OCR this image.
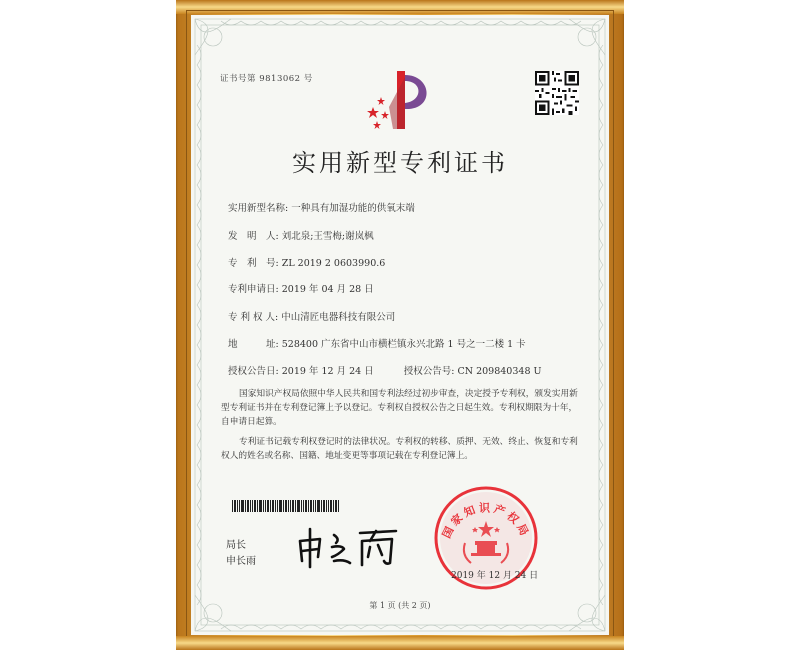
证书号第 9813062 号
实用新型专利证书
实用新型名称: 一种具有加湿功能的供氧末端
发　明　人: 刘北泉;王雪梅;谢岚枫
专　利　号: ZL 2019 2 0603990.6
专利申请日: 2019 年 04 月 28 日
专 利 权 人: 中山清匠电器科技有限公司
地　　　址: 528400 广东省中山市横栏镇永兴北路 1 号之一二楼 1 卡
授权公告日: 2019 年 12 月 24 日	授权公告号: CN 209840348 U
国家知识产权局依照中华人民共和国专利法经过初步审查，决定授予专利权，颁发实用新型专利证书并在专利登记簿上予以登记。专利权自授权公告之日起生效。专利权期限为十年，自申请日起算。
专利证书记载专利权登记时的法律状况。专利权的转移、质押、无效、终止、恢复和专利权人的姓名或名称、国籍、地址变更等事项记载在专利登记簿上。
局长
申长雨
国家知识产权局
2019 年 12 月 24 日
第 1 页 (共 2 页)
